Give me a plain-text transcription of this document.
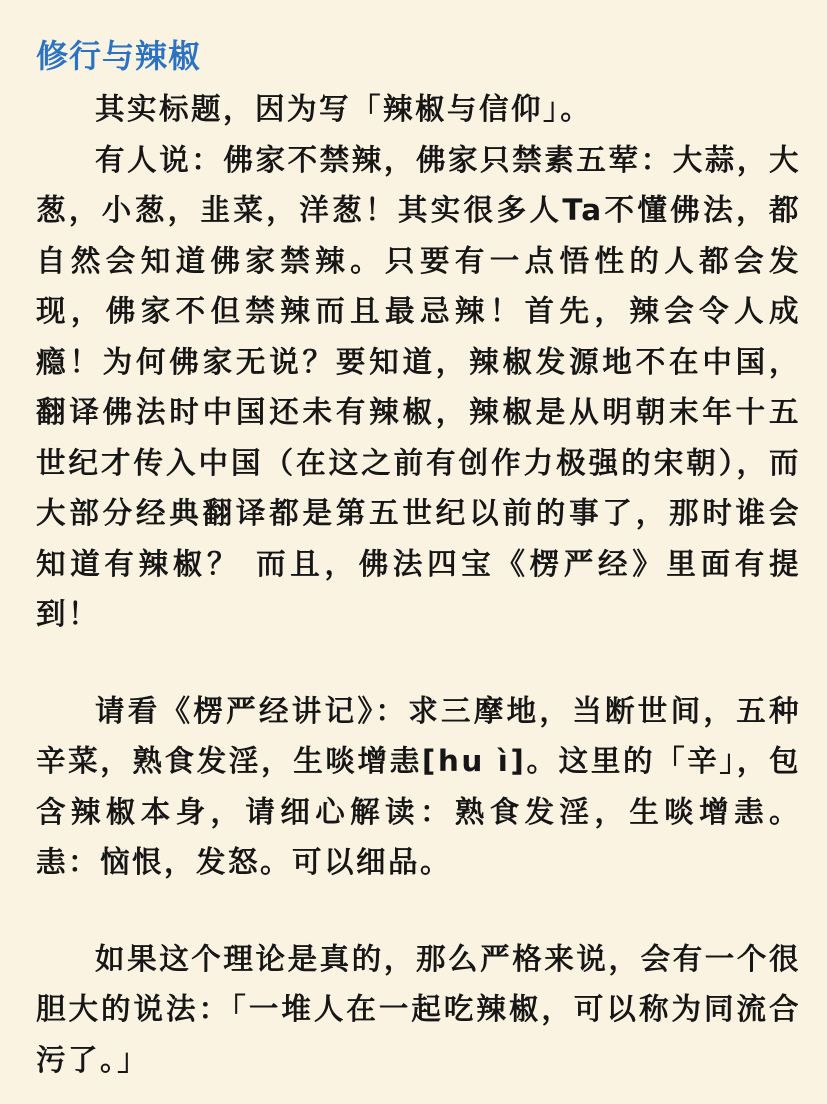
修行与辣椒

其实标题，因为写「辣椒与信仰」。

有人说：佛家不禁辣，佛家只禁素五荤：大蒜，大葱，小葱，韭菜，洋葱！其实很多人Ta不懂佛法，都自然会知道佛家禁辣。只要有一点悟性的人都会发现，佛家不但禁辣而且最忌辣！首先，辣会令人成瘾！为何佛家无说？要知道，辣椒发源地不在中国，翻译佛法时中国还未有辣椒，辣椒是从明朝末年十五世纪才传入中国（在这之前有创作力极强的宋朝），而大部分经典翻译都是第五世纪以前的事了，那时谁会知道有辣椒？ 而且，佛法四宝《楞严经》里面有提到！

请看《楞严经讲记》：求三摩地，当断世间，五种辛菜，熟食发淫，生啖增恚[hu ì]。这里的「辛」，包含辣椒本身，请细心解读：熟食发淫，生啖增恚。恚：恼恨，发怒。可以细品。

如果这个理论是真的，那么严格来说，会有一个很胆大的说法：「一堆人在一起吃辣椒，可以称为同流合污了。」
